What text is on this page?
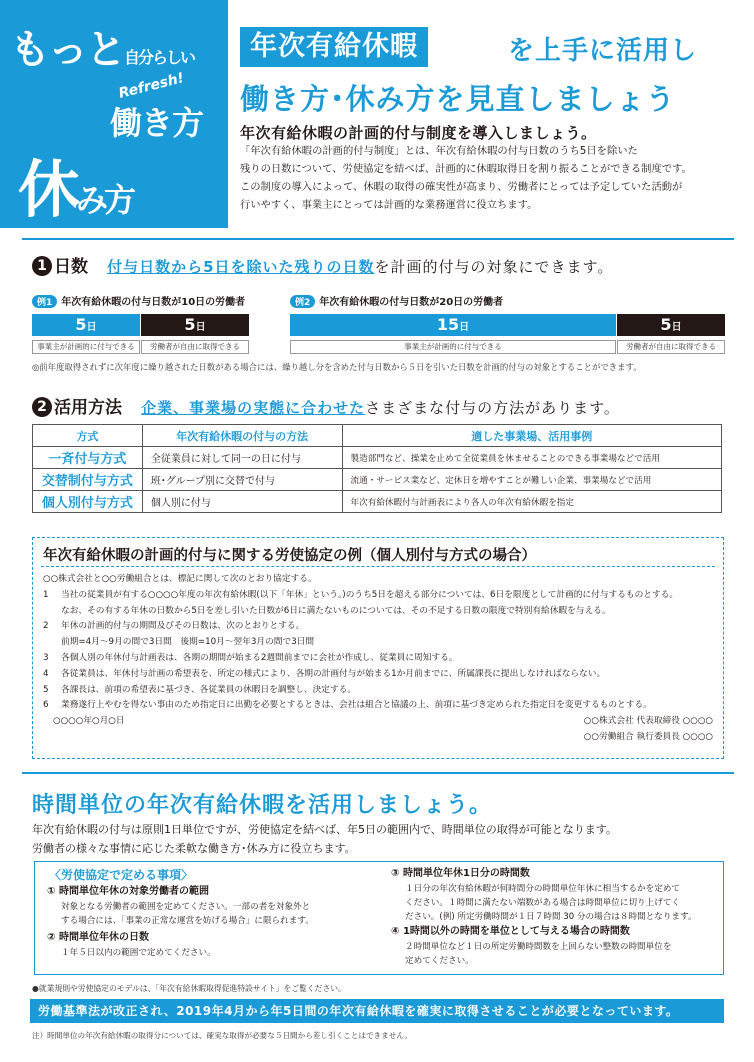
もっと自分らしい
Refresh!
働き方
休み方
年次有給休暇	を上手に活用し
働き方･休み方を見直しましょう
年次有給休暇の計画的付与制度を導入しましょう。
「年次有給休暇の計画的付与制度」とは、年次有給休暇の付与日数のうち5日を除いた
残りの日数について、労使協定を結べば、計画的に休暇取得日を割り振ることができる制度です。
この制度の導入によって、休暇の取得の確実性が高まり、労働者にとっては予定していた活動が
行いやすく、事業主にとっては計画的な業務運営に役立ちます。
1 日数 付与日数から5日を除いた残りの日数を計画的付与の対象にできます。
例1 年次有給休暇の付与日数が10日の労働者
5日	5日
事業主が計画的に付与できる	労働者が自由に取得できる
例2 年次有給休暇の付与日数が20日の労働者
15日	5日
事業主が計画的に付与できる	労働者が自由に取得できる
◎前年度取得されずに次年度に繰り越された日数がある場合には、繰り越し分を含めた付与日数から５日を引いた日数を計画的付与の対象とすることができます。
2 活用方法 企業、事業場の実態に合わせたさまざまな付与の方法があります。
方式	年次有給休暇の付与の方法	適した事業場、活用事例
一斉付与方式	全従業員に対して同一の日に付与	製造部門など、操業を止めて全従業員を休ませることのできる事業場などで活用
交替制付与方式	班･グループ別に交替で付与	流通・サービス業など、定休日を増やすことが難しい企業、事業場などで活用
個人別付与方式	個人別に付与	年次有給休暇付与計画表により各人の年次有給休暇を指定
年次有給休暇の計画的付与に関する労使協定の例（個人別付与方式の場合）
○○株式会社と○○労働組合とは、標記に関して次のとおり協定する。
1	当社の従業員が有する○○○○年度の年次有給休暇(以下「年休」という。)のうち5日を超える部分については、6日を限度として計画的に付与するものとする。
なお、その有する年休の日数から5日を差し引いた日数が6日に満たないものについては、その不足する日数の限度で特別有給休暇を与える。
2	年休の計画的付与の期間及びその日数は、次のとおりとする。
前期=4月～9月の間で3日間　後期=10月～翌年3月の間で3日間
3	各個人別の年休付与計画表は、各期の期間が始まる2週間前までに会社が作成し、従業員に周知する。
4	各従業員は、年休付与計画の希望表を、所定の様式により、各期の計画付与が始まる1か月前までに、所属課長に提出しなければならない。
5	各課長は、前項の希望表に基づき、各従業員の休暇日を調整し、決定する。
6	業務遂行上やむを得ない事由のため指定日に出勤を必要とするときは、会社は組合と協議の上、前項に基づき定められた指定日を変更するものとする。
○○○○年○月○日	○○株式会社 代表取締役 ○○○○
○○労働組合 執行委員長 ○○○○
時間単位の年次有給休暇を活用しましょう。
年次有給休暇の付与は原則1日単位ですが、労使協定を結べば、年5日の範囲内で、時間単位の取得が可能となります。
労働者の様々な事情に応じた柔軟な働き方･休み方に役立ちます。
〈労使協定で定める事項〉
① 時間単位年休の対象労働者の範囲
対象となる労働者の範囲を定めてください。一部の者を対象外と
する場合には、「事業の正常な運営を妨げる場合」に限られます。
② 時間単位年休の日数
１年５日以内の範囲で定めてください。
③ 時間単位年休1日分の時間数
１日分の年次有給休暇が何時間分の時間単位年休に相当するかを定めて
ください。１時間に満たない端数がある場合は時間単位に切り上げてく
ださい。(例) 所定労働時間が１日７時間 30 分の場合は８時間となります。
④ 1時間以外の時間を単位として与える場合の時間数
２時間単位など１日の所定労働時間数を上回らない整数の時間単位を
定めてください。
●就業規則や労使協定のモデルは、「年次有給休暇取得促進特設サイト」をご覧ください。
労働基準法が改正され、2019年4月から年5日間の年次有給休暇を確実に取得させることが必要となっています。
注）時間単位の年次有給休暇の取得分については、確実な取得が必要な５日間から差し引くことはできません。
